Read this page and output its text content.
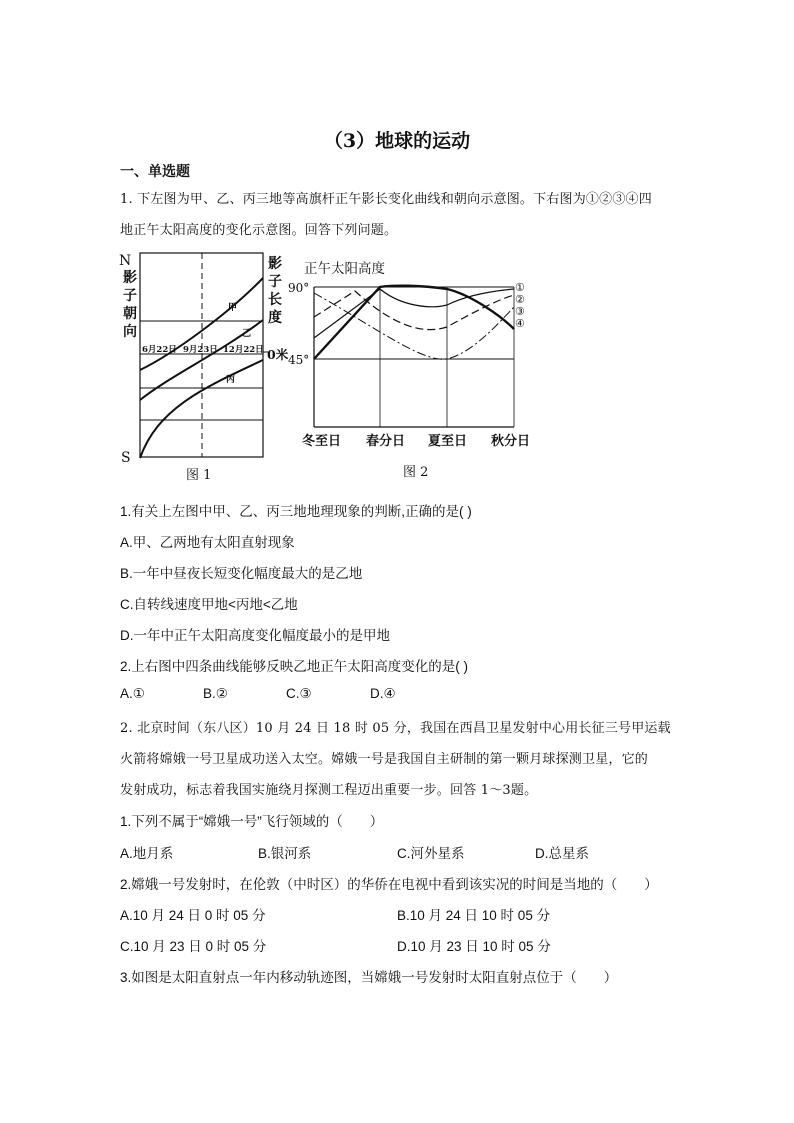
（3）地球的运动
一、单选题
1. 下左图为甲、乙、丙三地等高旗杆正午影长变化曲线和朝向示意图。下右图为①②③④四
地正午太阳高度的变化示意图。回答下列问题。
N
影
子
朝
向
S
影
子
长
度
0米
6月22日 9月23日 12月22日
甲
乙
丙
图 1
正午太阳高度
90°
45°
冬至日 春分日 夏至日 秋分日
①
②
③
④
图 2
1.有关上左图中甲、乙、丙三地地理现象的判断,正确的是( )
A.甲、乙两地有太阳直射现象
B.一年中昼夜长短变化幅度最大的是乙地
C.自转线速度甲地<丙地<乙地
D.一年中正午太阳高度变化幅度最小的是甲地
2.上右图中四条曲线能够反映乙地正午太阳高度变化的是( )
A.①	B.②	C.③	D.④
2. 北京时间（东八区）10 月 24 日 18 时 05 分，我国在西昌卫星发射中心用长征三号甲运载
火箭将嫦娥一号卫星成功送入太空。嫦娥一号是我国自主研制的第一颗月球探测卫星，它的
发射成功，标志着我国实施绕月探测工程迈出重要一步。回答 1～3题。
1.下列不属于“嫦娥一号”飞行领域的（　　）
A.地月系	B.银河系	C.河外星系	D.总星系
2.嫦娥一号发射时，在伦敦（中时区）的华侨在电视中看到该实况的时间是当地的（　　）
A.10 月 24 日 0 时 05 分	B.10 月 24 日 10 时 05 分
C.10 月 23 日 0 时 05 分	D.10 月 23 日 10 时 05 分
3.如图是太阳直射点一年内移动轨迹图，当嫦娥一号发射时太阳直射点位于（　　）
